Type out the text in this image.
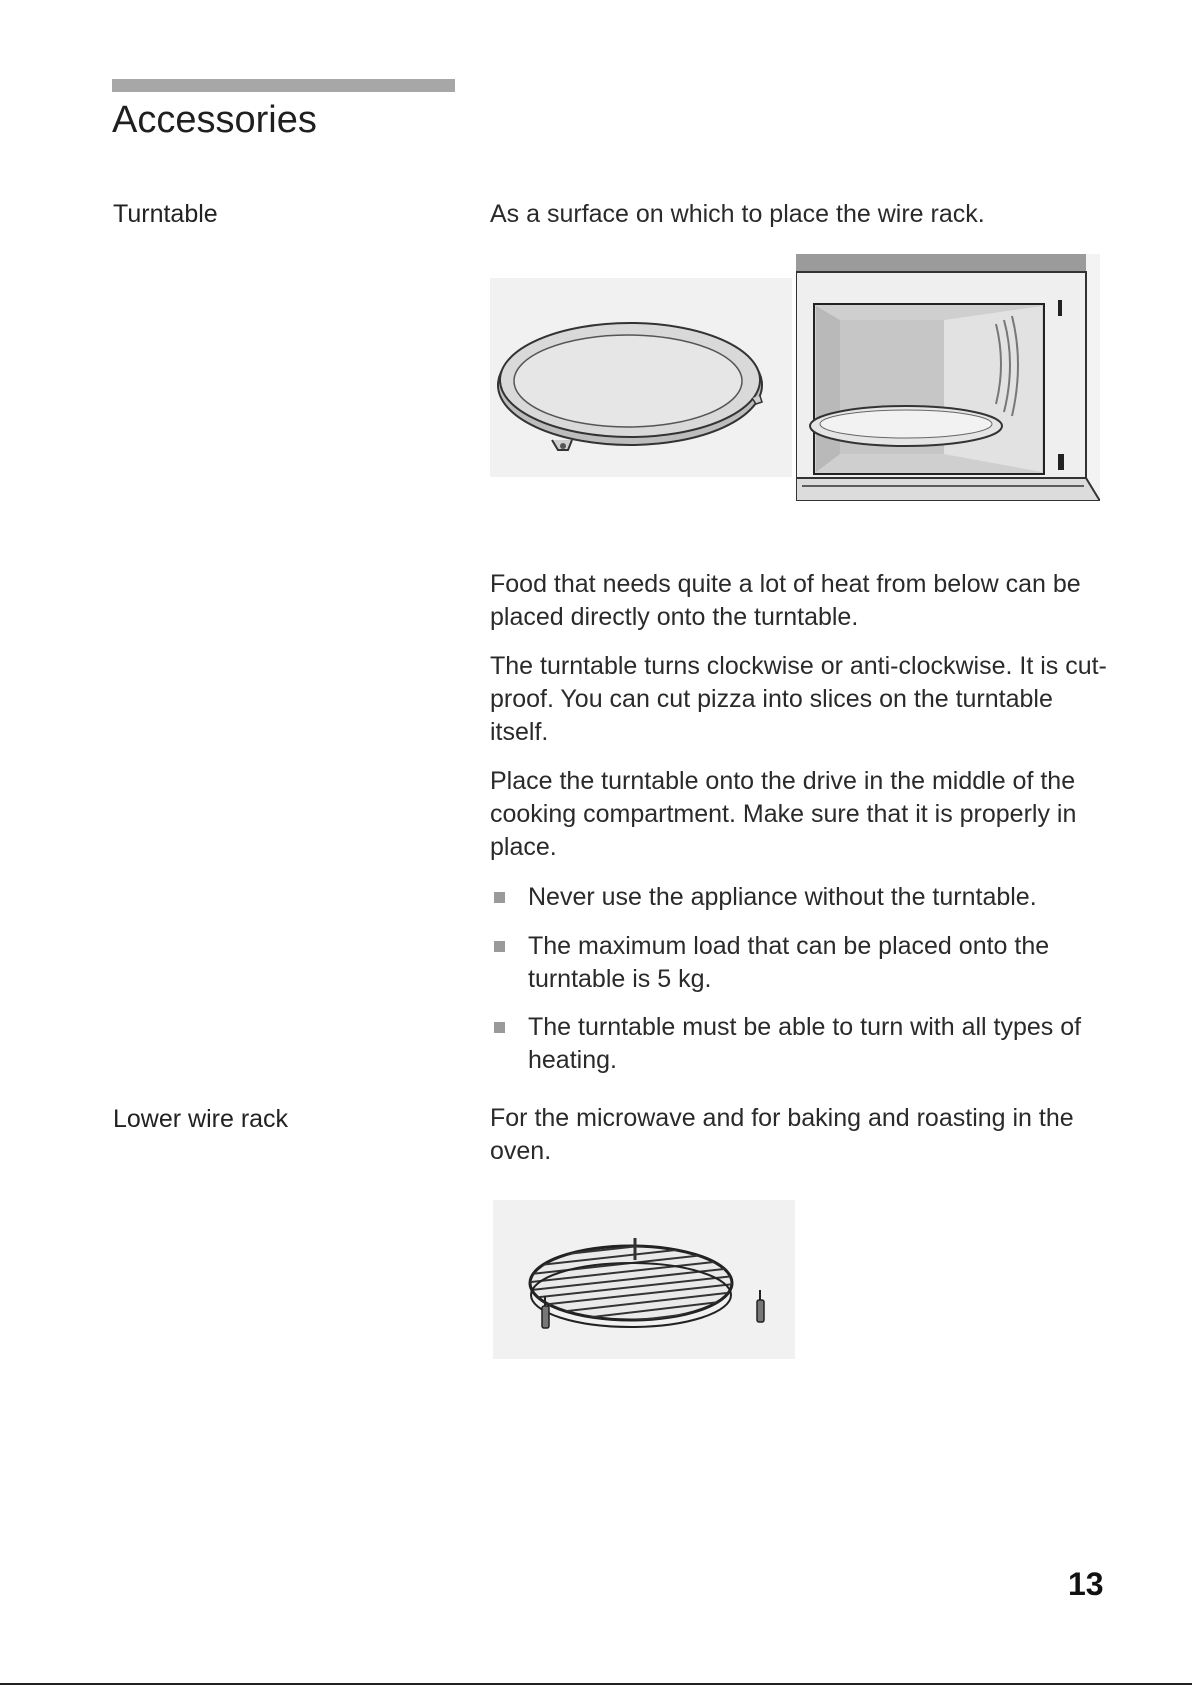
Accessories
Turntable	As a surface on which to place the wire rack.
Food that needs quite a lot of heat from below can be placed directly onto the turntable.
The turntable turns clockwise or anti-clockwise. It is cut-proof. You can cut pizza into slices on the turntable itself.
Place the turntable onto the drive in the middle of the cooking compartment. Make sure that it is properly in place.
Never use the appliance without the turntable.
The maximum load that can be placed onto the turntable is 5 kg.
The turntable must be able to turn with all types of heating.
Lower wire rack	For the microwave and for baking and roasting in the oven.
13
